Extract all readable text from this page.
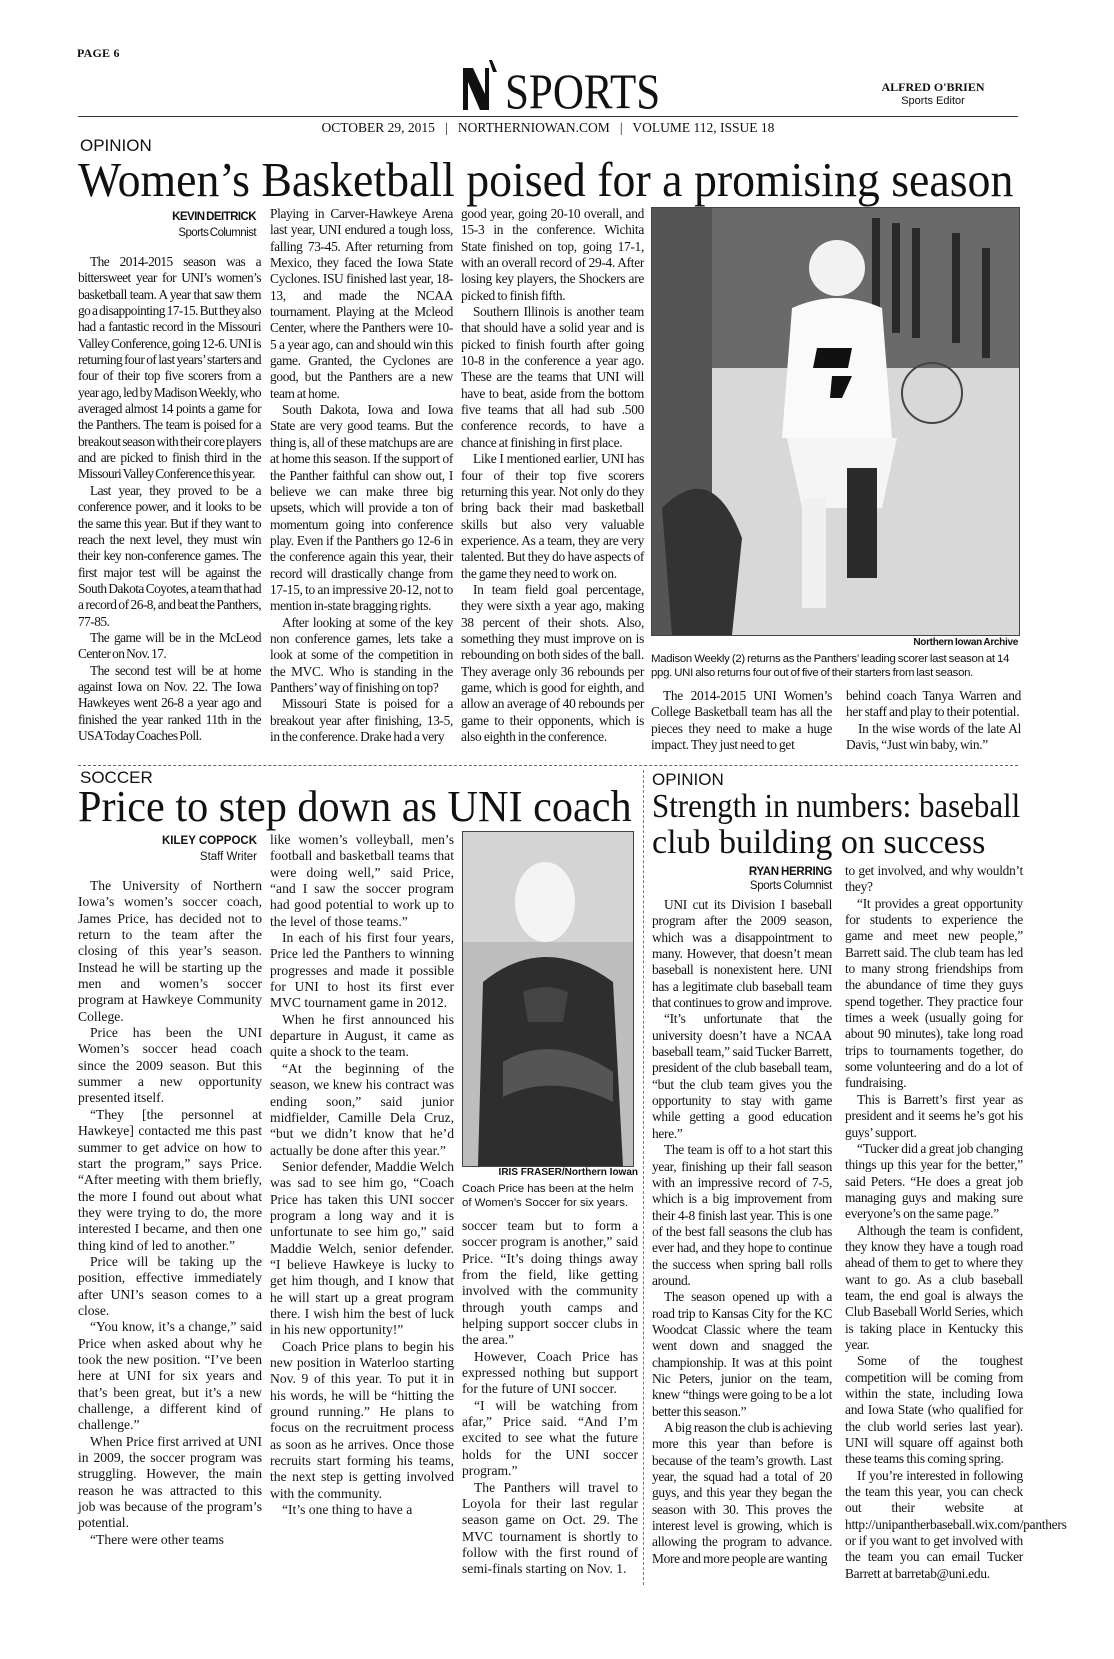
PAGE 6
SPORTS	ALFRED O'BRIEN
Sports Editor
OCTOBER 29, 2015   |   NORTHERNIOWAN.COM   |   VOLUME 112, ISSUE 18
OPINION
Women’s Basketball poised for a promising season
KEVIN DEITRICK
Sports Columnist

The 2014-2015 season was a bittersweet year for UNI’s women’s basketball team. A year that saw them go a disappointing 17-15. But they also had a fantastic record in the Missouri Valley Conference, going 12-6. UNI is returning four of last years’ starters and four of their top five scorers from a year ago, led by Madison Weekly, who averaged almost 14 points a game for the Panthers. The team is poised for a breakout season with their core players and are picked to finish third in the Missouri Valley Conference this year.

Last year, they proved to be a conference power, and it looks to be the same this year. But if they want to reach the next level, they must win their key non-conference games. The first major test will be against the South Dakota Coyotes, a team that had a record of 26-8, and beat the Panthers, 77-85.

The game will be in the McLeod Center on Nov. 17.

The second test will be at home against Iowa on Nov. 22. The Iowa Hawkeyes went 26-8 a year ago and finished the year ranked 11th in the USA Today Coaches Poll.

Playing in Carver-Hawkeye Arena last year, UNI endured a tough loss, falling 73-45. After returning from Mexico, they faced the Iowa State Cyclones. ISU finished last year, 18-13, and made the NCAA tournament. Playing at the Mcleod Center, where the Panthers were 10-5 a year ago, can and should win this game. Granted, the Cyclones are good, but the Panthers are a new team at home.

South Dakota, Iowa and Iowa State are very good teams. But the thing is, all of these matchups are are at home this season. If the support of the Panther faithful can show out, I believe we can make three big upsets, which will provide a ton of momentum going into conference play. Even if the Panthers go 12-6 in the conference again this year, their record will drastically change from 17-15, to an impressive 20-12, not to mention in-state bragging rights.

After looking at some of the key non conference games, lets take a look at some of the competition in the MVC. Who is standing in the Panthers’ way of finishing on top?

Missouri State is poised for a breakout year after finishing, 13-5, in the conference. Drake had a very

good year, going 20-10 overall, and 15-3 in the conference. Wichita State finished on top, going 17-1, with an overall record of 29-4. After losing key players, the Shockers are picked to finish fifth.

Southern Illinois is another team that should have a solid year and is picked to finish fourth after going 10-8 in the conference a year ago. These are the teams that UNI will have to beat, aside from the bottom five teams that all had sub .500 conference records, to have a chance at finishing in first place.

Like I mentioned earlier, UNI has four of their top five scorers returning this year. Not only do they bring back their mad basketball skills but also very valuable experience. As a team, they are very talented. But they do have aspects of the game they need to work on.

In team field goal percentage, they were sixth a year ago, making 38 percent of their shots. Also, something they must improve on is rebounding on both sides of the ball. They average only 36 rebounds per game, which is good for eighth, and allow an average of 40 rebounds per game to their opponents, which is also eighth in the conference.

Northern Iowan Archive
Madison Weekly (2) returns as the Panthers’ leading scorer last season at 14 ppg. UNI also returns four out of five of their starters from last season.

The 2014-2015 UNI Women’s College Basketball team has all the pieces they need to make a huge impact. They just need to get

behind coach Tanya Warren and her staff and play to their potential.

In the wise words of the late Al Davis, “Just win baby, win.”

SOCCER
Price to step down as UNI coach
KILEY COPPOCK
Staff Writer

The University of Northern Iowa’s women’s soccer coach, James Price, has decided not to return to the team after the closing of this year’s season. Instead he will be starting up the men and women’s soccer program at Hawkeye Community College.

Price has been the UNI Women’s soccer head coach since the 2009 season. But this summer a new opportunity presented itself.

“They [the personnel at Hawkeye] contacted me this past summer to get advice on how to start the program,” says Price. “After meeting with them briefly, the more I found out about what they were trying to do, the more interested I became, and then one thing kind of led to another.”

Price will be taking up the position, effective immediately after UNI’s season comes to a close.

“You know, it’s a change,” said Price when asked about why he took the new position. “I’ve been here at UNI for six years and that’s been great, but it’s a new challenge, a different kind of challenge.”

When Price first arrived at UNI in 2009, the soccer program was struggling. However, the main reason he was attracted to this job was because of the program’s potential.

“There were other teams

like women’s volleyball, men’s football and basketball teams that were doing well,” said Price, “and I saw the soccer program had good potential to work up to the level of those teams.”

In each of his first four years, Price led the Panthers to winning progresses and made it possible for UNI to host its first ever MVC tournament game in 2012.

When he first announced his departure in August, it came as quite a shock to the team.

“At the beginning of the season, we knew his contract was ending soon,” said junior midfielder, Camille Dela Cruz, “but we didn’t know that he’d actually be done after this year.”

Senior defender, Maddie Welch was sad to see him go, “Coach Price has taken this UNI soccer program a long way and it is unfortunate to see him go,” said Maddie Welch, senior defender. “I believe Hawkeye is lucky to get him though, and I know that he will start up a great program there. I wish him the best of luck in his new opportunity!”

Coach Price plans to begin his new position in Waterloo starting Nov. 9 of this year. To put it in his words, he will be “hitting the ground running.” He plans to focus on the recruitment process as soon as he arrives. Once those recruits start forming his teams, the next step is getting involved with the community.

“It’s one thing to have a

IRIS FRASER/Northern Iowan
Coach Price has been at the helm of Women’s Soccer for six years.

soccer team but to form a soccer program is another,” said Price. “It’s doing things away from the field, like getting involved with the community through youth camps and helping support soccer clubs in the area.”

However, Coach Price has expressed nothing but support for the future of UNI soccer.

“I will be watching from afar,” Price said. “And I’m excited to see what the future holds for the UNI soccer program.”

The Panthers will travel to Loyola for their last regular season game on Oct. 29. The MVC tournament is shortly to follow with the first round of semi-finals starting on Nov. 1.

OPINION
Strength in numbers: baseball
club building on success
RYAN HERRING
Sports Columnist

UNI cut its Division I baseball program after the 2009 season, which was a disappointment to many. However, that doesn’t mean baseball is nonexistent here. UNI has a legitimate club baseball team that continues to grow and improve.

“It’s unfortunate that the university doesn’t have a NCAA baseball team,” said Tucker Barrett, president of the club baseball team, “but the club team gives you the opportunity to stay with game while getting a good education here.”

The team is off to a hot start this year, finishing up their fall season with an impressive record of 7-5, which is a big improvement from their 4-8 finish last year. This is one of the best fall seasons the club has ever had, and they hope to continue the success when spring ball rolls around.

The season opened up with a road trip to Kansas City for the KC Woodcat Classic where the team went down and snagged the championship. It was at this point Nic Peters, junior on the team, knew “things were going to be a lot better this season.”

A big reason the club is achieving more this year than before is because of the team’s growth. Last year, the squad had a total of 20 guys, and this year they began the season with 30. This proves the interest level is growing, which is allowing the program to advance. More and more people are wanting

to get involved, and why wouldn’t they?

“It provides a great opportunity for students to experience the game and meet new people,” Barrett said. The club team has led to many strong friendships from the abundance of time they guys spend together. They practice four times a week (usually going for about 90 minutes), take long road trips to tournaments together, do some volunteering and do a lot of fundraising.

This is Barrett’s first year as president and it seems he’s got his guys’ support.

“Tucker did a great job changing things up this year for the better,” said Peters. “He does a great job managing guys and making sure everyone’s on the same page.”

Although the team is confident, they know they have a tough road ahead of them to get to where they want to go. As a club baseball team, the end goal is always the Club Baseball World Series, which is taking place in Kentucky this year.

Some of the toughest competition will be coming from within the state, including Iowa and Iowa State (who qualified for the club world series last year). UNI will square off against both these teams this coming spring.

If you’re interested in following the team this year, you can check out their website at http://unipantherbaseball.wix.com/panthers or if you want to get involved with the team you can email Tucker Barrett at barretab@uni.edu.
